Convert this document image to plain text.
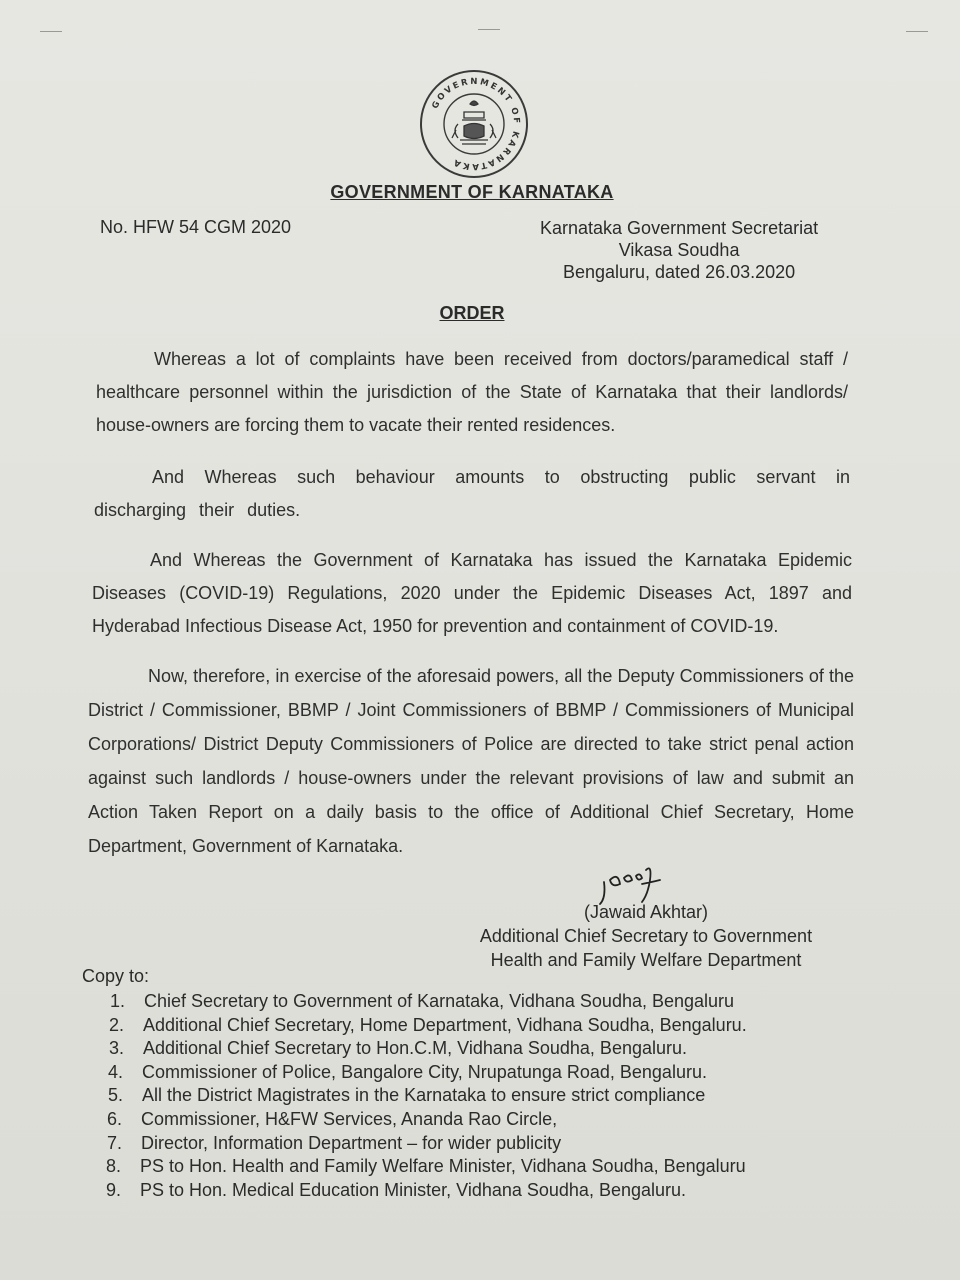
GOVERNMENT OF KARNATAKA
GOVERNMENT OF KARNATAKA
No. HFW 54 CGM 2020	Karnataka Government Secretariat
Vikasa Soudha
Bengaluru, dated 26.03.2020
ORDER
Whereas a lot of complaints have been received from doctors/paramedical staff / healthcare personnel within the jurisdiction of the State of Karnataka that their landlords/ house-owners are forcing them to vacate their rented residences.
And Whereas such behaviour amounts to obstructing public servant in discharging their duties.
And Whereas the Government of Karnataka has issued the Karnataka Epidemic Diseases (COVID-19) Regulations, 2020 under the Epidemic Diseases Act, 1897 and Hyderabad Infectious Disease Act, 1950 for prevention and containment of COVID-19.
Now, therefore, in exercise of the aforesaid powers, all the Deputy Commissioners of the District / Commissioner, BBMP / Joint Commissioners of BBMP / Commissioners of Municipal Corporations/ District Deputy Commissioners of Police are directed to take strict penal action against such landlords / house-owners under the relevant provisions of law and submit an Action Taken Report on a daily basis to the office of Additional Chief Secretary, Home Department, Government of Karnataka.
(Jawaid Akhtar)
Additional Chief Secretary to Government
Health and Family Welfare Department
Copy to:
1.	Chief Secretary to Government of Karnataka, Vidhana Soudha, Bengaluru
2.	Additional Chief Secretary, Home Department, Vidhana Soudha, Bengaluru.
3.	Additional Chief Secretary to Hon.C.M, Vidhana Soudha, Bengaluru.
4.	Commissioner of Police, Bangalore City, Nrupatunga Road, Bengaluru.
5.	All the District Magistrates in the Karnataka to ensure strict compliance
6.	Commissioner, H&FW Services, Ananda Rao Circle,
7.	Director, Information Department – for wider publicity
8.	PS to Hon. Health and Family Welfare Minister, Vidhana Soudha, Bengaluru
9.	PS to Hon. Medical Education Minister, Vidhana Soudha, Bengaluru.
